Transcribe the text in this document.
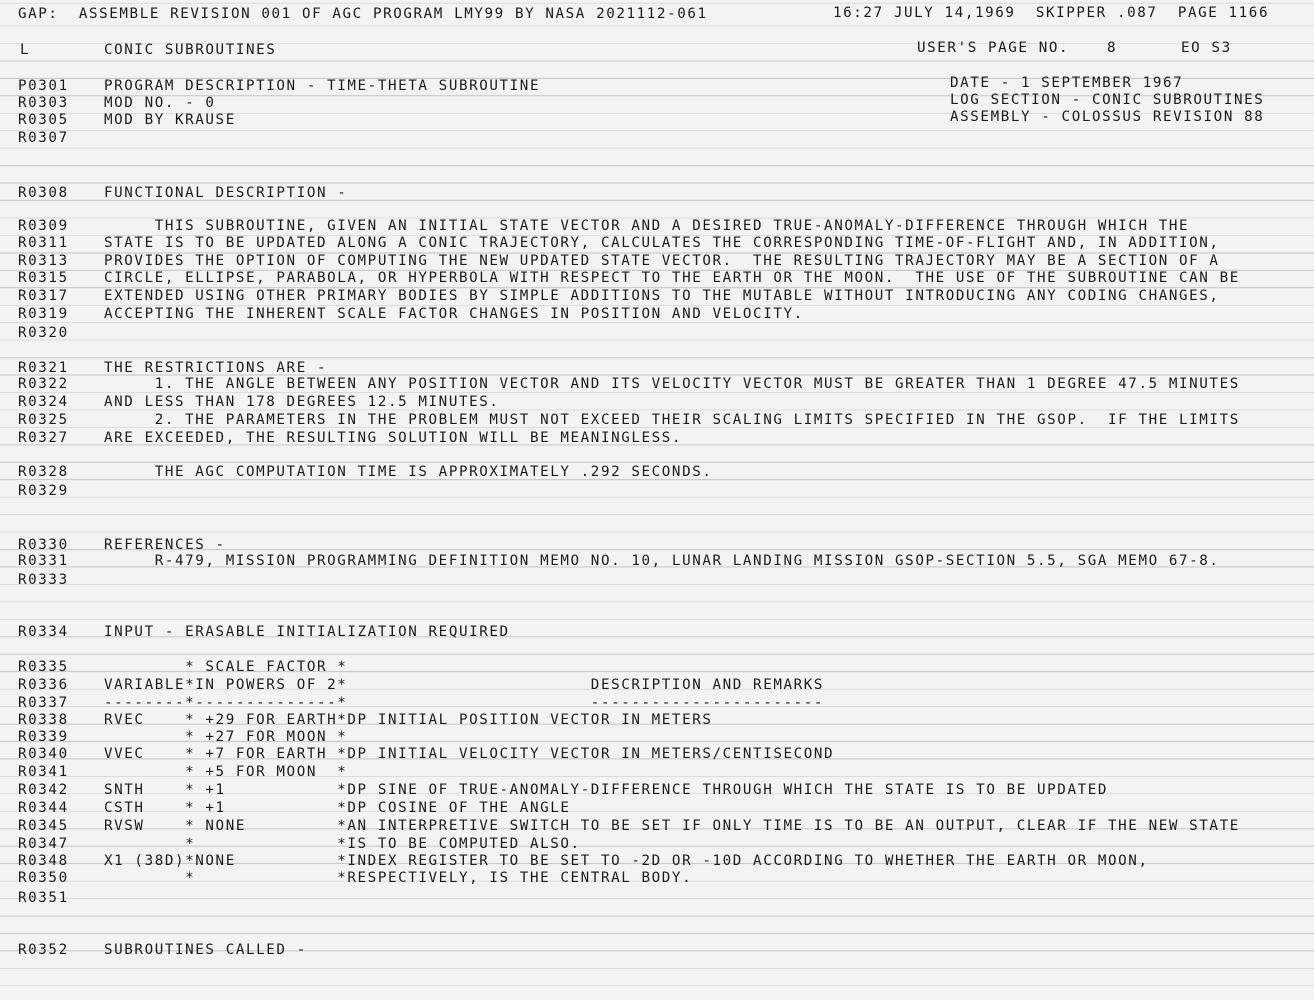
GAP:  ASSEMBLE REVISION 001 OF AGC PROGRAM LMY99 BY NASA 2021112-061	16:27 JULY 14,1969  SKIPPER .087  PAGE 1166
L	CONIC SUBROUTINES	USER'S PAGE NO.	8	EO S3
DATE - 1 SEPTEMBER 1967
LOG SECTION - CONIC SUBROUTINES
ASSEMBLY - COLOSSUS REVISION 88
P0301 PROGRAM DESCRIPTION - TIME-THETA SUBROUTINE
R0303 MOD NO. - 0
R0305 MOD BY KRAUSE
R0307
R0308 FUNCTIONAL DESCRIPTION -
R0309 THIS SUBROUTINE, GIVEN AN INITIAL STATE VECTOR AND A DESIRED TRUE-ANOMALY-DIFFERENCE THROUGH WHICH THE
R0311 STATE IS TO BE UPDATED ALONG A CONIC TRAJECTORY, CALCULATES THE CORRESPONDING TIME-OF-FLIGHT AND, IN ADDITION,
R0313 PROVIDES THE OPTION OF COMPUTING THE NEW UPDATED STATE VECTOR.  THE RESULTING TRAJECTORY MAY BE A SECTION OF A
R0315 CIRCLE, ELLIPSE, PARABOLA, OR HYPERBOLA WITH RESPECT TO THE EARTH OR THE MOON.  THE USE OF THE SUBROUTINE CAN BE
R0317 EXTENDED USING OTHER PRIMARY BODIES BY SIMPLE ADDITIONS TO THE MUTABLE WITHOUT INTRODUCING ANY CODING CHANGES,
R0319 ACCEPTING THE INHERENT SCALE FACTOR CHANGES IN POSITION AND VELOCITY.
R0320
R0321 THE RESTRICTIONS ARE -
R0322 1. THE ANGLE BETWEEN ANY POSITION VECTOR AND ITS VELOCITY VECTOR MUST BE GREATER THAN 1 DEGREE 47.5 MINUTES
R0324 AND LESS THAN 178 DEGREES 12.5 MINUTES.
R0325 2. THE PARAMETERS IN THE PROBLEM MUST NOT EXCEED THEIR SCALING LIMITS SPECIFIED IN THE GSOP.  IF THE LIMITS
R0327 ARE EXCEEDED, THE RESULTING SOLUTION WILL BE MEANINGLESS.
R0328 THE AGC COMPUTATION TIME IS APPROXIMATELY .292 SECONDS.
R0329
R0330 REFERENCES -
R0331 R-479, MISSION PROGRAMMING DEFINITION MEMO NO. 10, LUNAR LANDING MISSION GSOP-SECTION 5.5, SGA MEMO 67-8.
R0333
R0334 INPUT - ERASABLE INITIALIZATION REQUIRED
R0335 * SCALE FACTOR *
R0336 VARIABLE*IN POWERS OF 2*                        DESCRIPTION AND REMARKS
R0337 --------*--------------*                        -----------------------
R0338 RVEC    * +29 FOR EARTH*DP INITIAL POSITION VECTOR IN METERS
R0339 * +27 FOR MOON *
R0340 VVEC    * +7 FOR EARTH *DP INITIAL VELOCITY VECTOR IN METERS/CENTISECOND
R0341 * +5 FOR MOON  *
R0342 SNTH    * +1           *DP SINE OF TRUE-ANOMALY-DIFFERENCE THROUGH WHICH THE STATE IS TO BE UPDATED
R0344 CSTH    * +1           *DP COSINE OF THE ANGLE
R0345 RVSW    * NONE         *AN INTERPRETIVE SWITCH TO BE SET IF ONLY TIME IS TO BE AN OUTPUT, CLEAR IF THE NEW STATE
R0347 *              *IS TO BE COMPUTED ALSO.
R0348 X1 (38D)*NONE          *INDEX REGISTER TO BE SET TO -2D OR -10D ACCORDING TO WHETHER THE EARTH OR MOON,
R0350 *              *RESPECTIVELY, IS THE CENTRAL BODY.
R0351
R0352 SUBROUTINES CALLED -
